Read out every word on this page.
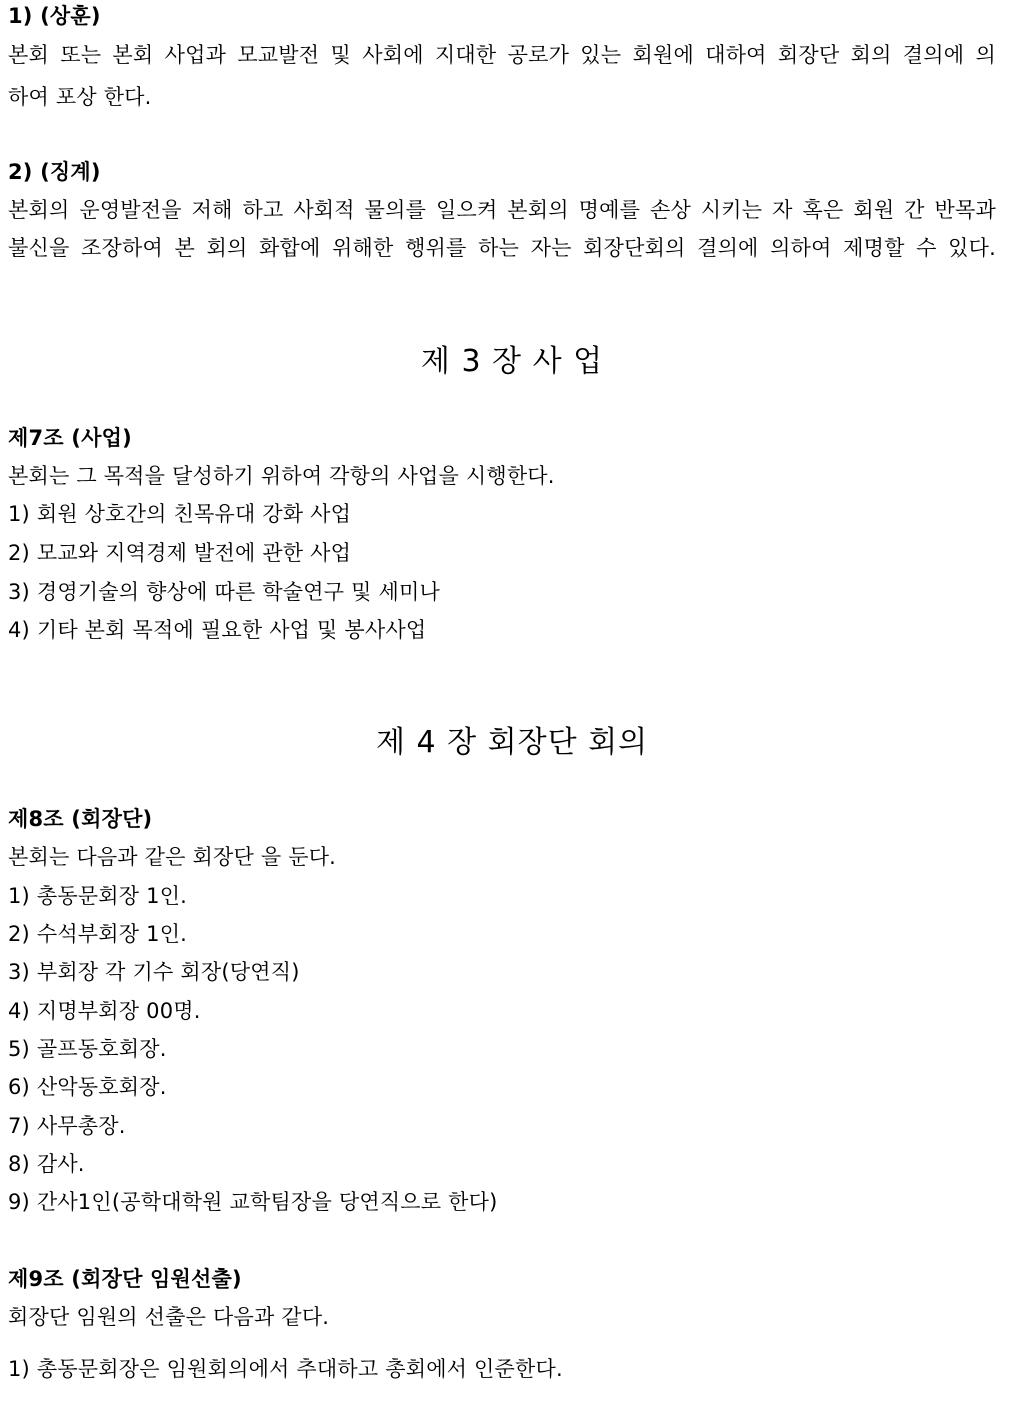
1) (상훈)
본회 또는 본회 사업과 모교발전 및 사회에 지대한 공로가 있는 회원에 대하여 회장단 회의 결의에 의
하여 포상 한다.
2) (징계)
본회의 운영발전을 저해 하고 사회적 물의를 일으켜 본회의 명예를 손상 시키는 자 혹은 회원 간 반목과
불신을 조장하여 본 회의 화합에 위해한 행위를 하는 자는 회장단회의 결의에 의하여 제명할 수 있다.
제 3 장 사 업
제7조 (사업)
본회는 그 목적을 달성하기 위하여 각항의 사업을 시행한다.
1) 회원 상호간의 친목유대 강화 사업
2) 모교와 지역경제 발전에 관한 사업
3) 경영기술의 향상에 따른 학술연구 및 세미나
4) 기타 본회 목적에 필요한 사업 및 봉사사업
제 4 장 회장단 회의
제8조 (회장단)
본회는 다음과 같은 회장단 을 둔다.
1) 총동문회장 1인.
2) 수석부회장 1인.
3) 부회장 각 기수 회장(당연직)
4) 지명부회장 00명.
5) 골프동호회장.
6) 산악동호회장.
7) 사무총장.
8) 감사.
9) 간사1인(공학대학원 교학팀장을 당연직으로 한다)
제9조 (회장단 임원선출)
회장단 임원의 선출은 다음과 같다.
1) 총동문회장은 임원회의에서 추대하고 총회에서 인준한다.
